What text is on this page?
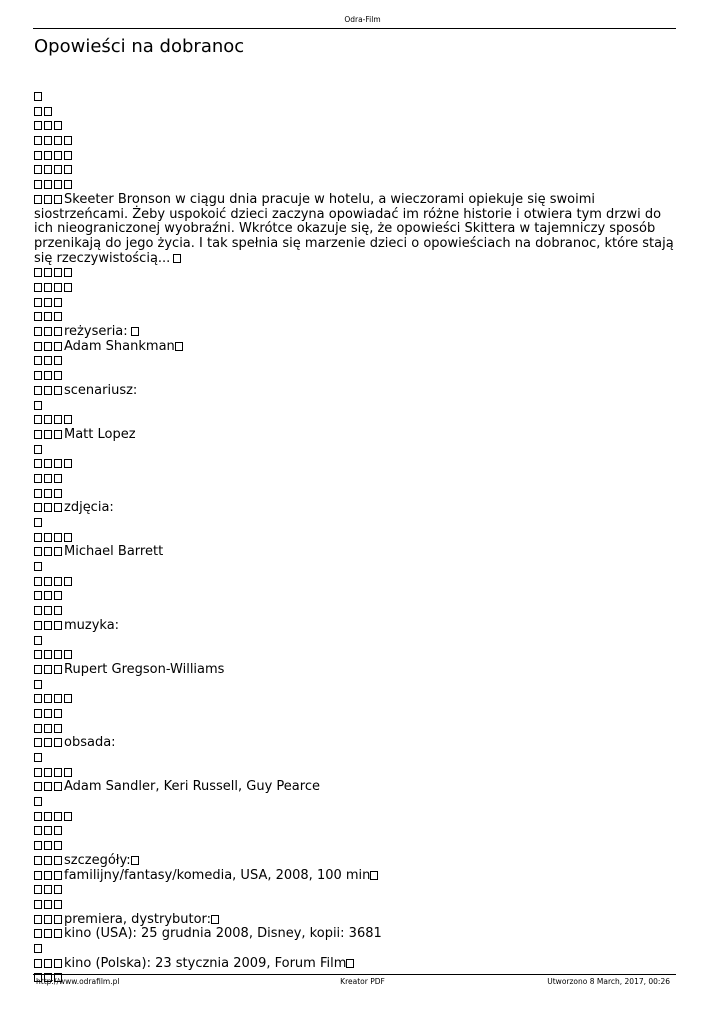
Odra-Film
Opowieści na dobranoc
Skeeter Bronson w ciągu dnia pracuje w hotelu, a wieczorami opiekuje się swoimi siostrzeńcami. Żeby uspokoić dzieci zaczyna opowiadać im różne historie i otwiera tym drzwi do ich nieograniczonej wyobraźni. Wkrótce okazuje się, że opowieści Skittera w tajemniczy sposób przenikają do jego życia. I tak spełnia się marzenie dzieci o opowieściach na dobranoc, które stają się rzeczywistością...
reżyseria:
Adam Shankman
scenariusz:
Matt Lopez
zdjęcia:
Michael Barrett
muzyka:
Rupert Gregson-Williams
obsada:
Adam Sandler, Keri Russell, Guy Pearce
szczegóły:
familijny/fantasy/komedia, USA, 2008, 100 min
premiera, dystrybutor:
kino (USA): 25 grudnia 2008, Disney, kopii: 3681
kino (Polska): 23 stycznia 2009, Forum Film
http://www.odrafilm.pl	Kreator PDF	Utworzono 8 March, 2017, 00:26
